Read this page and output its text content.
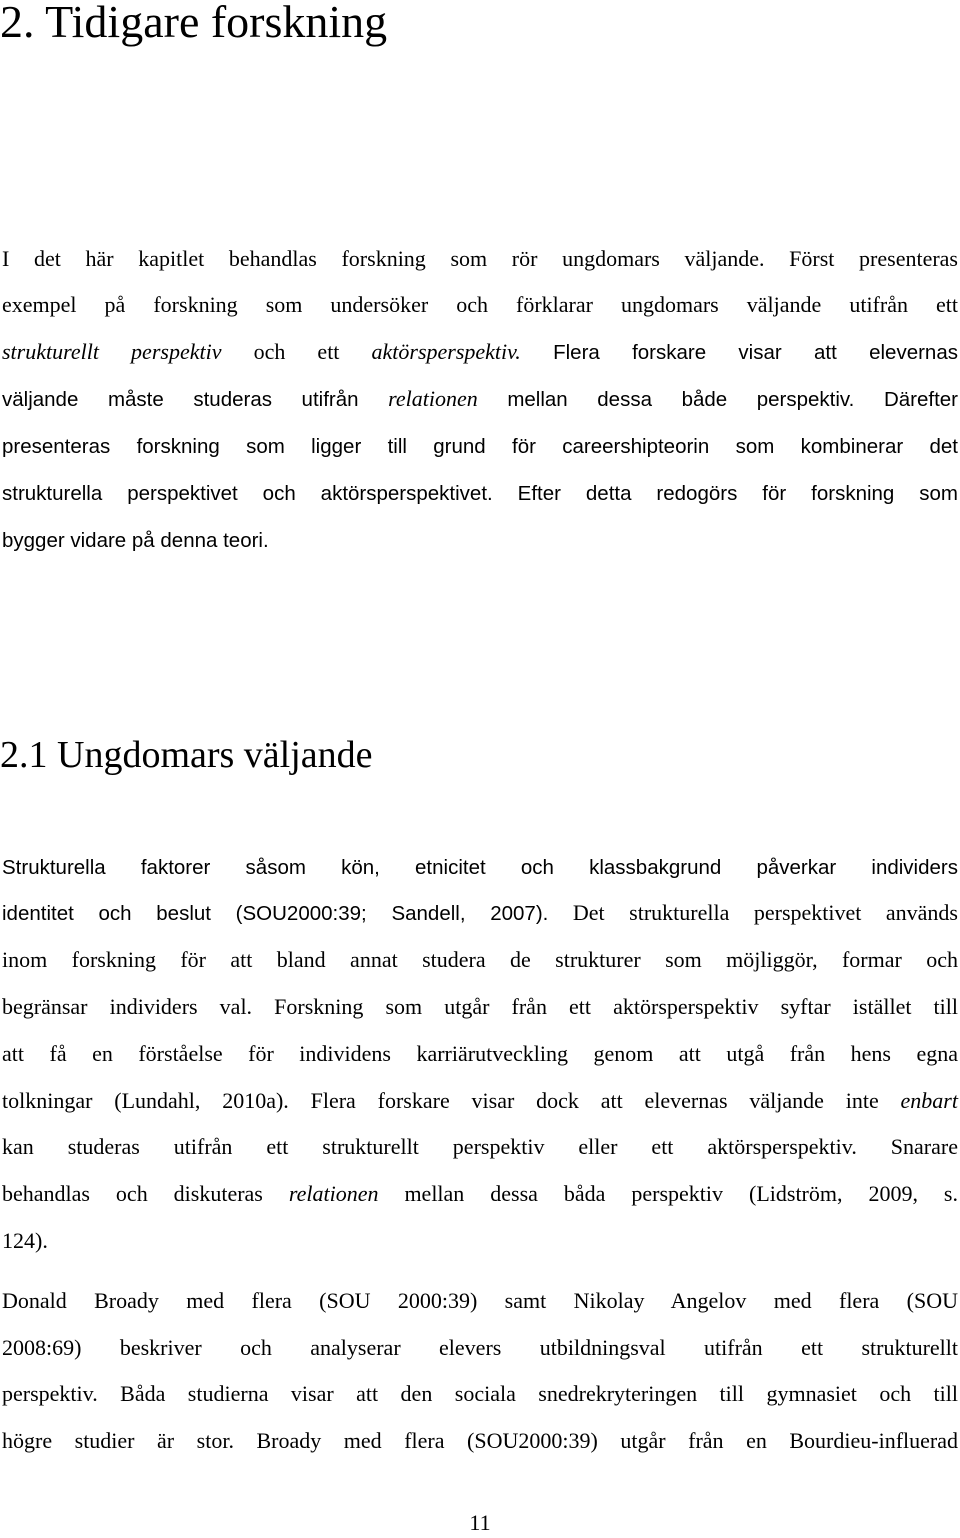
2. Tidigare forskning
I det här kapitlet behandlas forskning som rör ungdomars väljande. Först presenteras
exempel på forskning som undersöker och förklarar ungdomars väljande utifrån ett
strukturellt perspektiv och ett aktörsperspektiv. Flera forskare visar att elevernas
väljande måste studeras utifrån relationen mellan dessa både perspektiv. Därefter
presenteras forskning som ligger till grund för careershipteorin som kombinerar det
strukturella perspektivet och aktörsperspektivet. Efter detta redogörs för forskning som
bygger vidare på denna teori.
2.1 Ungdomars väljande
Strukturella faktorer såsom kön, etnicitet och klassbakgrund påverkar individers
identitet och beslut (SOU2000:39; Sandell, 2007). Det strukturella perspektivet används
inom forskning för att bland annat studera de strukturer som möjliggör, formar och
begränsar individers val. Forskning som utgår från ett aktörsperspektiv syftar istället till
att få en förståelse för individens karriärutveckling genom att utgå från hens egna
tolkningar (Lundahl, 2010a). Flera forskare visar dock att elevernas väljande inte enbart
kan studeras utifrån ett strukturellt perspektiv eller ett aktörsperspektiv. Snarare
behandlas och diskuteras relationen mellan dessa båda perspektiv (Lidström, 2009, s.
124).
Donald Broady med flera (SOU 2000:39) samt Nikolay Angelov med flera (SOU
2008:69) beskriver och analyserar elevers utbildningsval utifrån ett strukturellt
perspektiv. Båda studierna visar att den sociala snedrekryteringen till gymnasiet och till
högre studier är stor. Broady med flera (SOU2000:39) utgår från en Bourdieu-influerad
11
